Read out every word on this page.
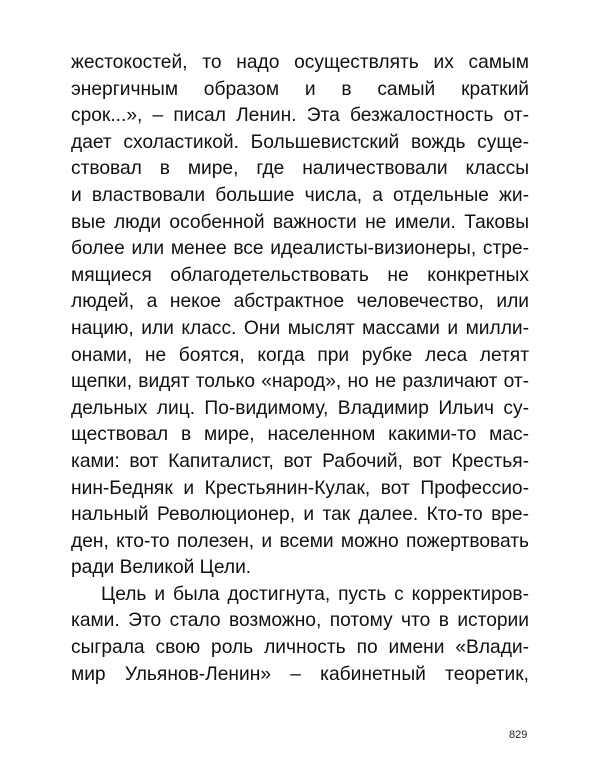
жестокостей, то надо осуществлять их самым
энергичным образом и в самый краткий
срок...», – писал Ленин. Эта безжалостность от-
дает схоластикой. Большевистский вождь суще-
ствовал в мире, где наличествовали классы
и властвовали большие числа, а отдельные жи-
вые люди особенной важности не имели. Таковы
более или менее все идеалисты-визионеры, стре-
мящиеся облагодетельствовать не конкретных
людей, а некое абстрактное человечество, или
нацию, или класс. Они мыслят массами и милли-
онами, не боятся, когда при рубке леса летят
щепки, видят только «народ», но не различают от-
дельных лиц. По-видимому, Владимир Ильич су-
ществовал в мире, населенном какими-то мас-
ками: вот Капиталист, вот Рабочий, вот Крестья-
нин-Бедняк и Крестьянин-Кулак, вот Профессио-
нальный Революционер, и так далее. Кто-то вре-
ден, кто-то полезен, и всеми можно пожертвовать
ради Великой Цели.
Цель и была достигнута, пусть с корректиров-
ками. Это стало возможно, потому что в истории
сыграла свою роль личность по имени «Влади-
мир Ульянов-Ленин» – кабинетный теоретик,
829
